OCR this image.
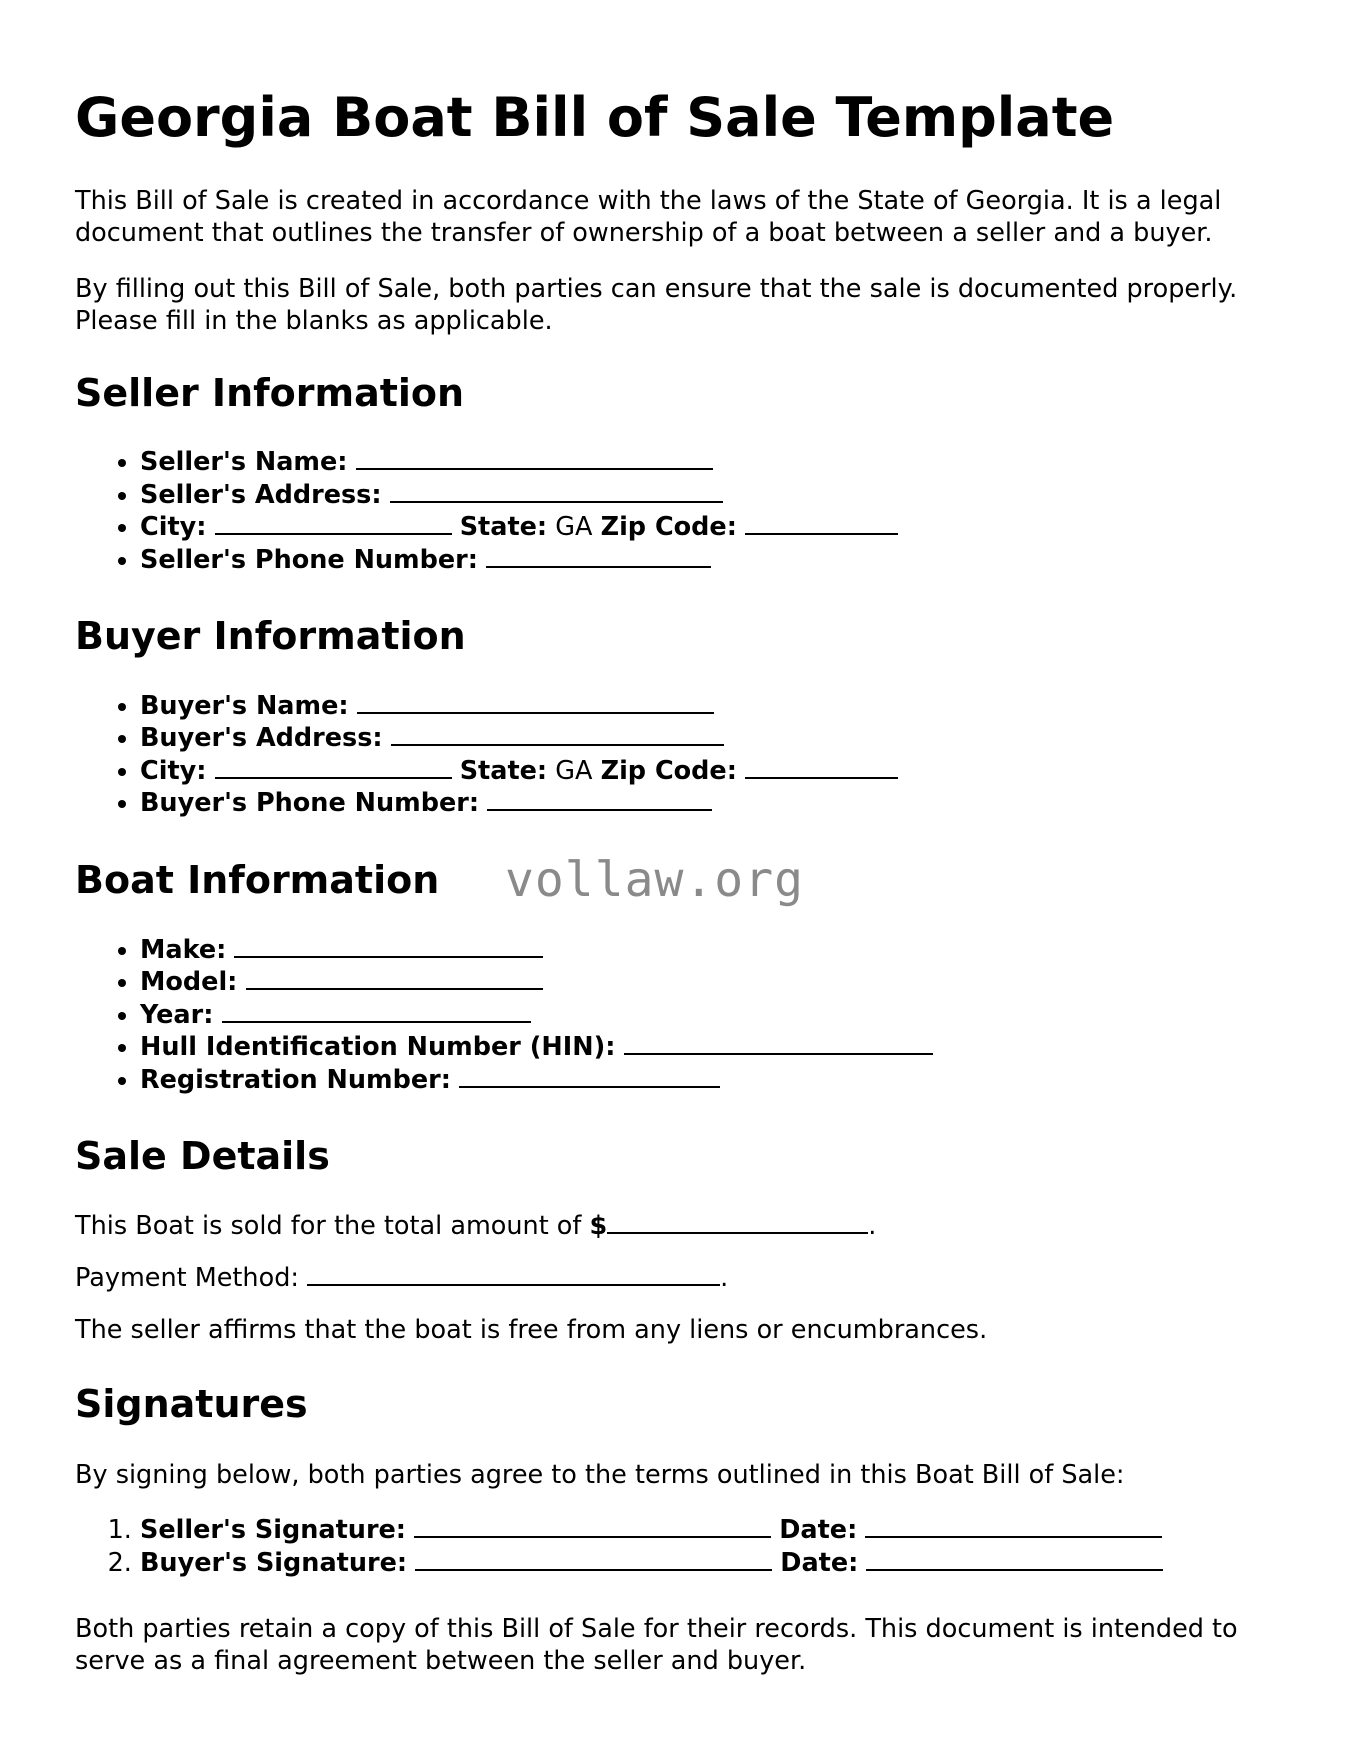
Georgia Boat Bill of Sale Template

This Bill of Sale is created in accordance with the laws of the State of Georgia. It is a legal document that outlines the transfer of ownership of a boat between a seller and a buyer.

By filling out this Bill of Sale, both parties can ensure that the sale is documented properly. Please fill in the blanks as applicable.

Seller Information
• Seller's Name:
• Seller's Address:
• City:	State: GA Zip Code:
• Seller's Phone Number:
Buyer Information
• Buyer's Name:
• Buyer's Address:
• City:	State: GA Zip Code:
• Buyer's Phone Number:
Boat Information	vollaw.org
• Make:
• Model:
• Year:
• Hull Identification Number (HIN):
• Registration Number:
Sale Details

This Boat is sold for the total amount of $	.

Payment Method:	.

The seller affirms that the boat is free from any liens or encumbrances.

Signatures

By signing below, both parties agree to the terms outlined in this Boat Bill of Sale:

1. Seller's Signature:	Date:
2. Buyer's Signature:	Date:

Both parties retain a copy of this Bill of Sale for their records. This document is intended to serve as a final agreement between the seller and buyer.
